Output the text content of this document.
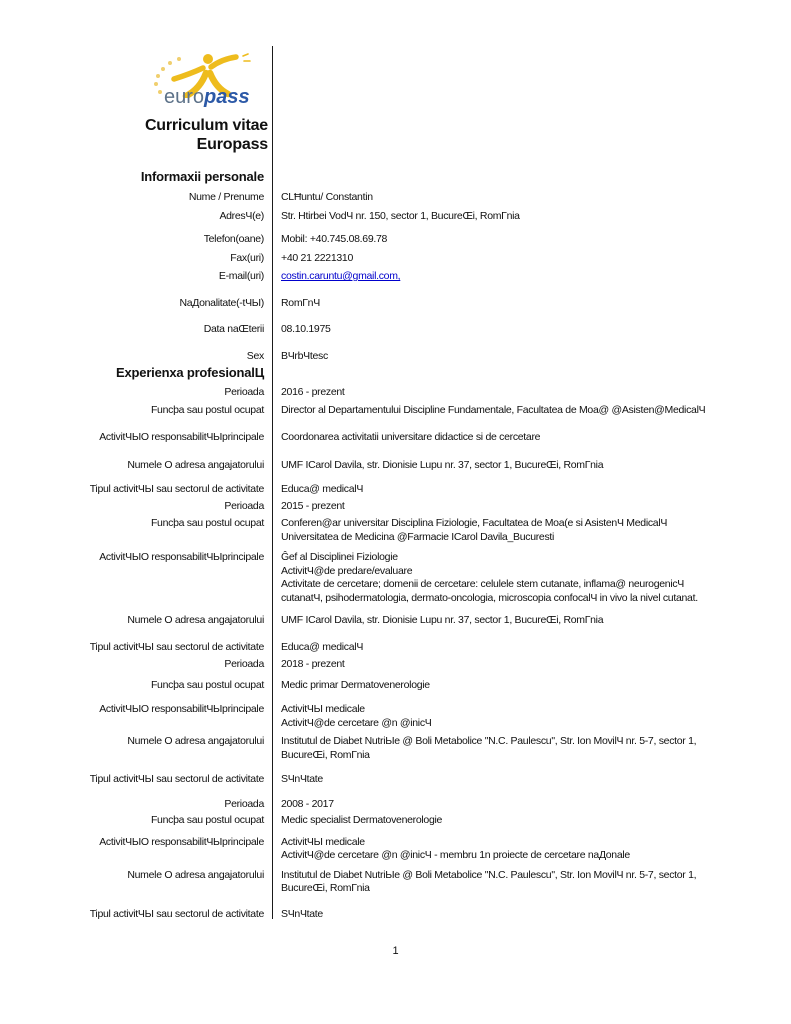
europass
Curriculum vitae
Europass
Informaxii personale
Nume / Prenume	CLĦuntu/ Constantin
AdresЧ(e)	Str. Htirbei VodЧ nr. 150, sector 1, BucureŒi, RomГnia
Telefon(oane)	Mobil: +40.745.08.69.78
Fax(uri)	+40 21 2221310
E-mail(uri)	costin.caruntu@gmail.com,
NaДonalitate(-tЧЫ)	RomГnЧ
Data naŒterii	08.10.1975
Sex	BЧrbЧtesc
Experienxa profesionalЦ
Perioada	2016 - prezent
Funcþa sau postul ocupat	Director al Departamentului Discipline Fundamentale, Facultatea de Moa@ @Asisten@MedicalЧ
ActivitЧЫО responsabilitЧЫprincipale	Coordonarea activitatii universitare didactice si de cercetare
Numele О adresa angajatorului	UMF ICarol Davila, str. Dionisie Lupu nr. 37, sector 1, BucureŒi, RomГnia
Tipul activitЧЫ sau sectorul de activitate	Educa@ medicalЧ
Perioada	2015 - prezent
Funcþa sau postul ocupat	Conferen@ar universitar Disciplina Fiziologie, Facultatea de Moa(e si AsistenЧ MedicalЧ
Universitatea de Medicina @Farmacie ICarol Davila_Bucuresti
ActivitЧЫО responsabilitЧЫprincipale	Ĝef al Disciplinei Fiziologie
ActivitЧ@de predare/evaluare
Activitate de cercetare; domenii de cercetare: celulele stem cutanate, inflama@ neurogenicЧ
cutanatЧ, psihodermatologia, dermato-oncologia, microscopia confocalЧ in vivo la nivel cutanat.
Numele О adresa angajatorului	UMF ICarol Davila, str. Dionisie Lupu nr. 37, sector 1, BucureŒi, RomГnia
Tipul activitЧЫ sau sectorul de activitate	Educa@ medicalЧ
Perioada	2018 - prezent
Funcþa sau postul ocupat	Medic primar Dermatovenerologie
ActivitЧЫО responsabilitЧЫprincipale	ActivitЧЫ medicale
ActivitЧ@de cercetare @n @inicЧ
Numele О adresa angajatorului	Institutul de Diabet NutriЫe @ Boli Metabolice "N.C. Paulescu", Str. Ion MovilЧ nr. 5-7, sector 1,
BucureŒi, RomГnia
Tipul activitЧЫ sau sectorul de activitate	SЧnЧtate
Perioada	2008 - 2017
Funcþa sau postul ocupat	Medic specialist Dermatovenerologie
ActivitЧЫО responsabilitЧЫprincipale	ActivitЧЫ medicale
ActivitЧ@de cercetare @n @inicЧ - membru 1n proiecte de cercetare naДonale
Numele О adresa angajatorului	Institutul de Diabet NutriЫe @ Boli Metabolice "N.C. Paulescu", Str. Ion MovilЧ nr. 5-7, sector 1,
BucureŒi, RomГnia
Tipul activitЧЫ sau sectorul de activitate	SЧnЧtate
1
